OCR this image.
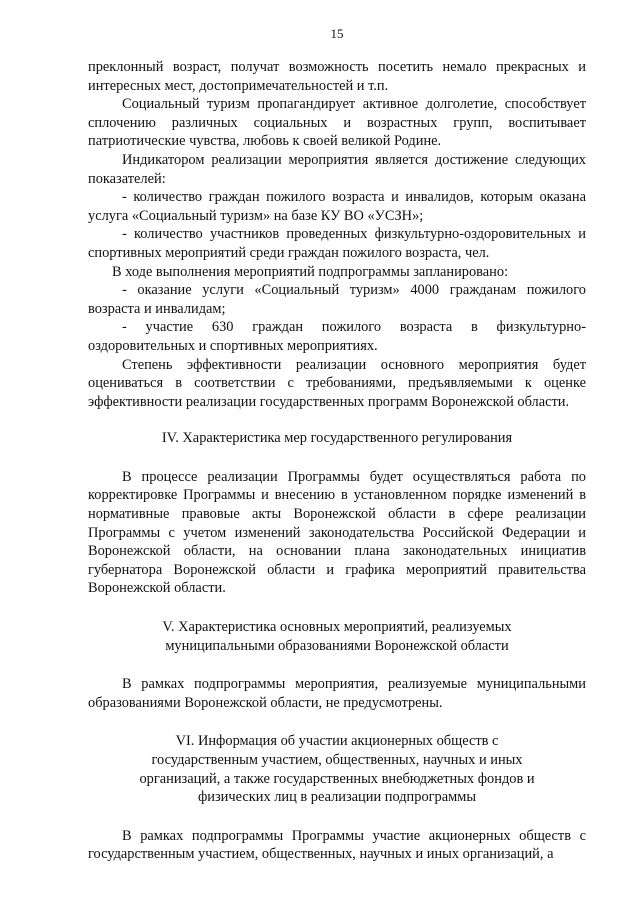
15

преклонный возраст, получат возможность посетить немало прекрасных и интересных мест, достопримечательностей и т.п.

Социальный туризм пропагандирует активное долголетие, способствует сплочению различных социальных и возрастных групп, воспитывает патриотические чувства, любовь к своей великой Родине.

Индикатором реализации мероприятия является достижение следующих показателей:

- количество граждан пожилого возраста и инвалидов, которым оказана услуга «Социальный туризм» на базе КУ ВО «УСЗН»;

- количество участников проведенных физкультурно-оздоровительных и спортивных мероприятий среди граждан пожилого возраста, чел.

В ходе выполнения мероприятий подпрограммы запланировано:

- оказание услуги «Социальный туризм» 4000 гражданам пожилого возраста и инвалидам;

- участие 630 граждан пожилого возраста в физкультурно-оздоровительных и спортивных мероприятиях.

Степень эффективности реализации основного мероприятия будет оцениваться в соответствии с требованиями, предъявляемыми к оценке эффективности реализации государственных программ Воронежской области.

IV. Характеристика мер государственного регулирования

В процессе реализации Программы будет осуществляться работа по корректировке Программы и внесению в установленном порядке изменений в нормативные правовые акты Воронежской области в сфере реализации Программы с учетом изменений законодательства Российской Федерации и Воронежской области, на основании плана законодательных инициатив губернатора Воронежской области и графика мероприятий правительства Воронежской области.

V. Характеристика основных мероприятий, реализуемых
муниципальными образованиями Воронежской области

В рамках подпрограммы мероприятия, реализуемые муниципальными образованиями Воронежской области, не предусмотрены.

VI. Информация об участии акционерных обществ с
государственным участием, общественных, научных и иных
организаций, а также государственных внебюджетных фондов и
физических лиц в реализации подпрограммы

В рамках подпрограммы Программы участие акционерных обществ с государственным участием, общественных, научных и иных организаций, а
